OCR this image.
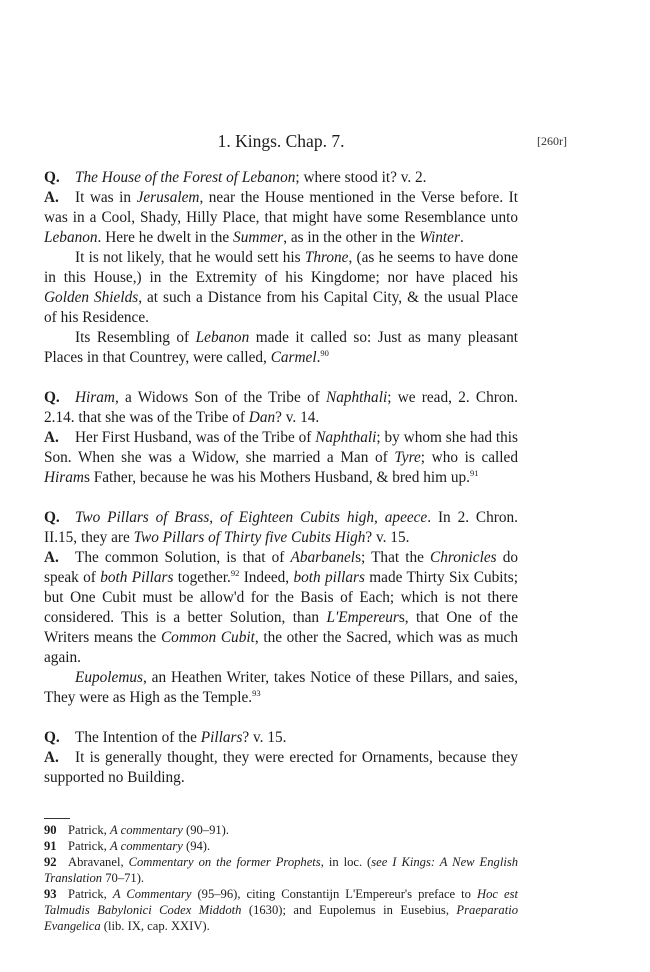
1. Kings. Chap. 7.	[260r]

Q. The House of the Forest of Lebanon; where stood it? v. 2.

A. It was in Jerusalem, near the House mentioned in the Verse before. It was in a Cool, Shady, Hilly Place, that might have some Resemblance unto Lebanon. Here he dwelt in the Summer, as in the other in the Winter.

It is not likely, that he would sett his Throne, (as he seems to have done in this House,) in the Extremity of his Kingdome; nor have placed his Golden Shields, at such a Distance from his Capital City, & the usual Place of his Residence.

Its Resembling of Lebanon made it called so: Just as many pleasant Places in that Countrey, were called, Carmel.$^{90}$

Q. Hiram, a Widows Son of the Tribe of Naphthali; we read, 2. Chron. 2.14. that she was of the Tribe of Dan? v. 14.

A. Her First Husband, was of the Tribe of Naphthali; by whom she had this Son. When she was a Widow, she married a Man of Tyre; who is called Hirams Father, because he was his Mothers Husband, & bred him up.$^{91}$

Q. Two Pillars of Brass, of Eighteen Cubits high, apeece. In 2. Chron. II.15, they are Two Pillars of Thirty five Cubits High? v. 15.

A. The common Solution, is that of Abarbanels; That the Chronicles do speak of both Pillars together.$^{92}$ Indeed, both pillars made Thirty Six Cubits; but One Cubit must be allow'd for the Basis of Each; which is not there considered. This is a better Solution, than L'Empereurs, that One of the Writers means the Common Cubit, the other the Sacred, which was as much again.

Eupolemus, an Heathen Writer, takes Notice of these Pillars, and saies, They were as High as the Temple.$^{93}$

Q. The Intention of the Pillars? v. 15.

A. It is generally thought, they were erected for Ornaments, because they supported no Building.

90 Patrick, A commentary (90–91).

91 Patrick, A commentary (94).

92 Abravanel, Commentary on the former Prophets, in loc. (see I Kings: A New English Translation 70–71).

93 Patrick, A Commentary (95–96), citing Constantijn L'Empereur's preface to Hoc est Talmudis Babylonici Codex Middoth (1630); and Eupolemus in Eusebius, Praeparatio Evangelica (lib. IX, cap. XXIV).
